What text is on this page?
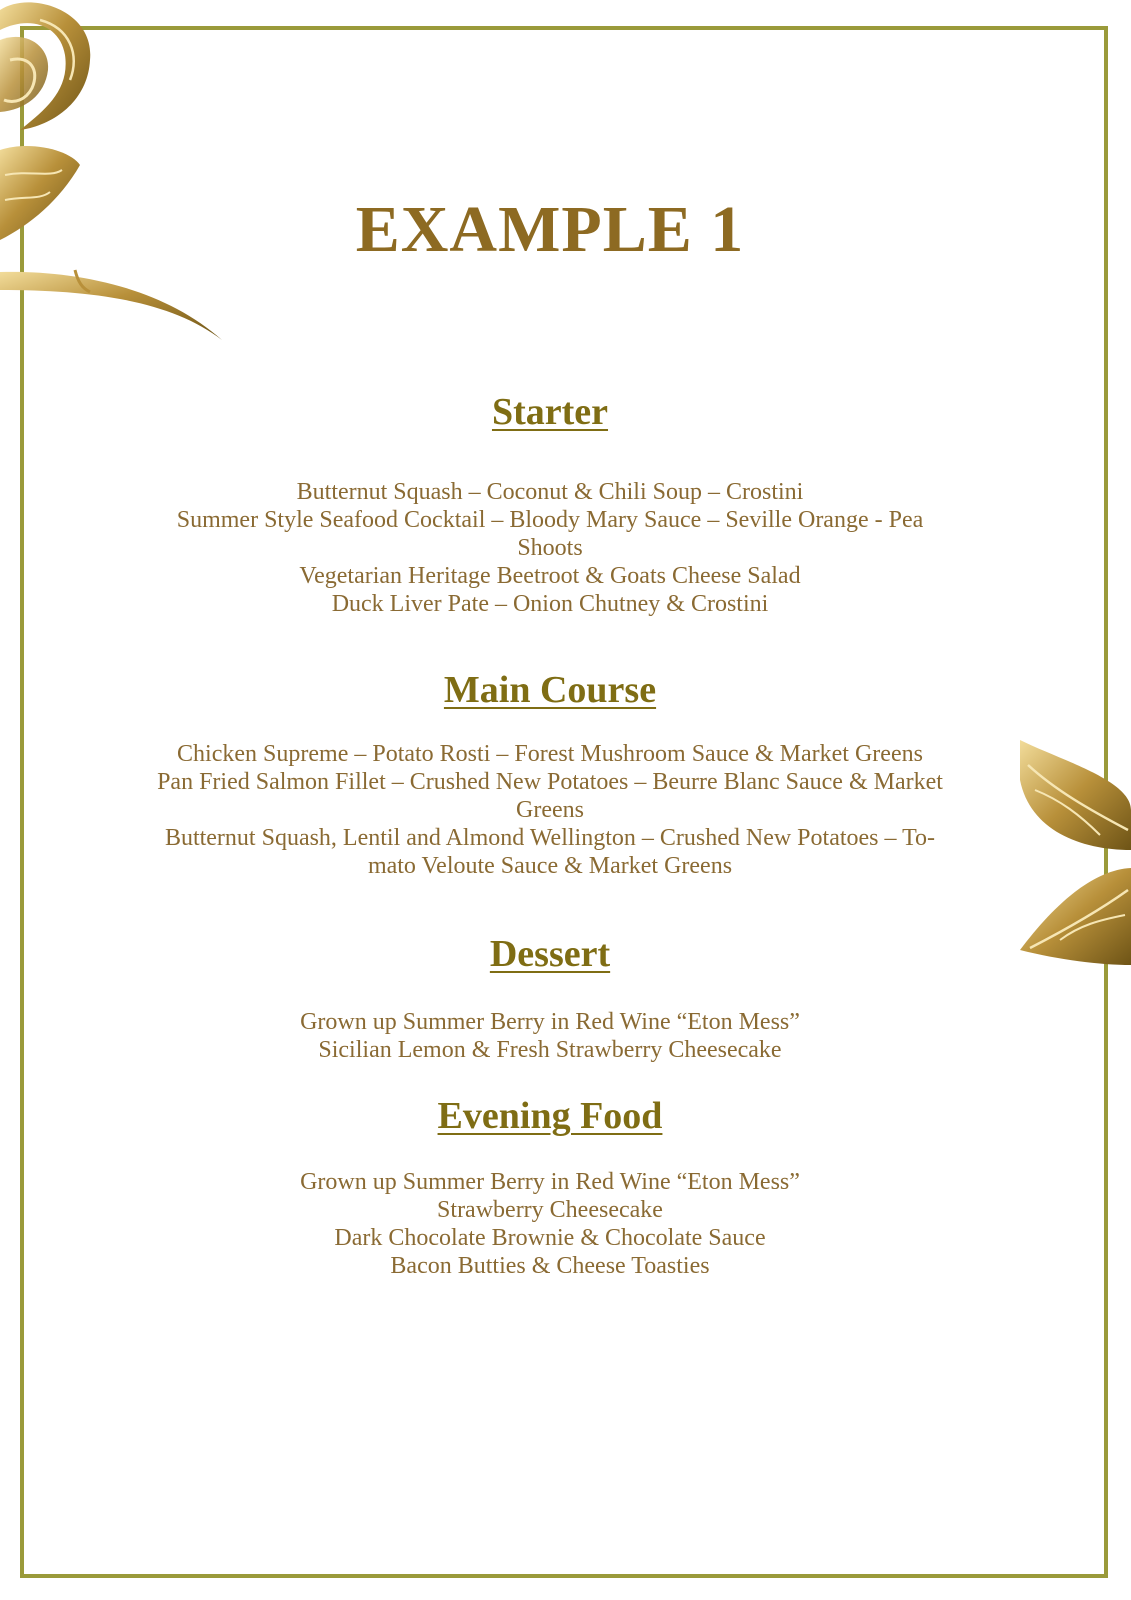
EXAMPLE 1
Starter
Butternut Squash – Coconut & Chili Soup – Crostini
Summer Style Seafood Cocktail – Bloody Mary Sauce – Seville Orange - Pea
Shoots
Vegetarian Heritage Beetroot & Goats Cheese Salad
Duck Liver Pate – Onion Chutney & Crostini
Main Course
Chicken Supreme – Potato Rosti – Forest Mushroom Sauce & Market Greens
Pan Fried Salmon Fillet – Crushed New Potatoes – Beurre Blanc Sauce & Market
Greens
Butternut Squash, Lentil and Almond Wellington – Crushed New Potatoes – To-
mato Veloute Sauce & Market Greens
Dessert
Grown up Summer Berry in Red Wine “Eton Mess”
Sicilian Lemon & Fresh Strawberry Cheesecake
Evening Food
Grown up Summer Berry in Red Wine “Eton Mess”
Strawberry Cheesecake
Dark Chocolate Brownie & Chocolate Sauce
Bacon Butties & Cheese Toasties
